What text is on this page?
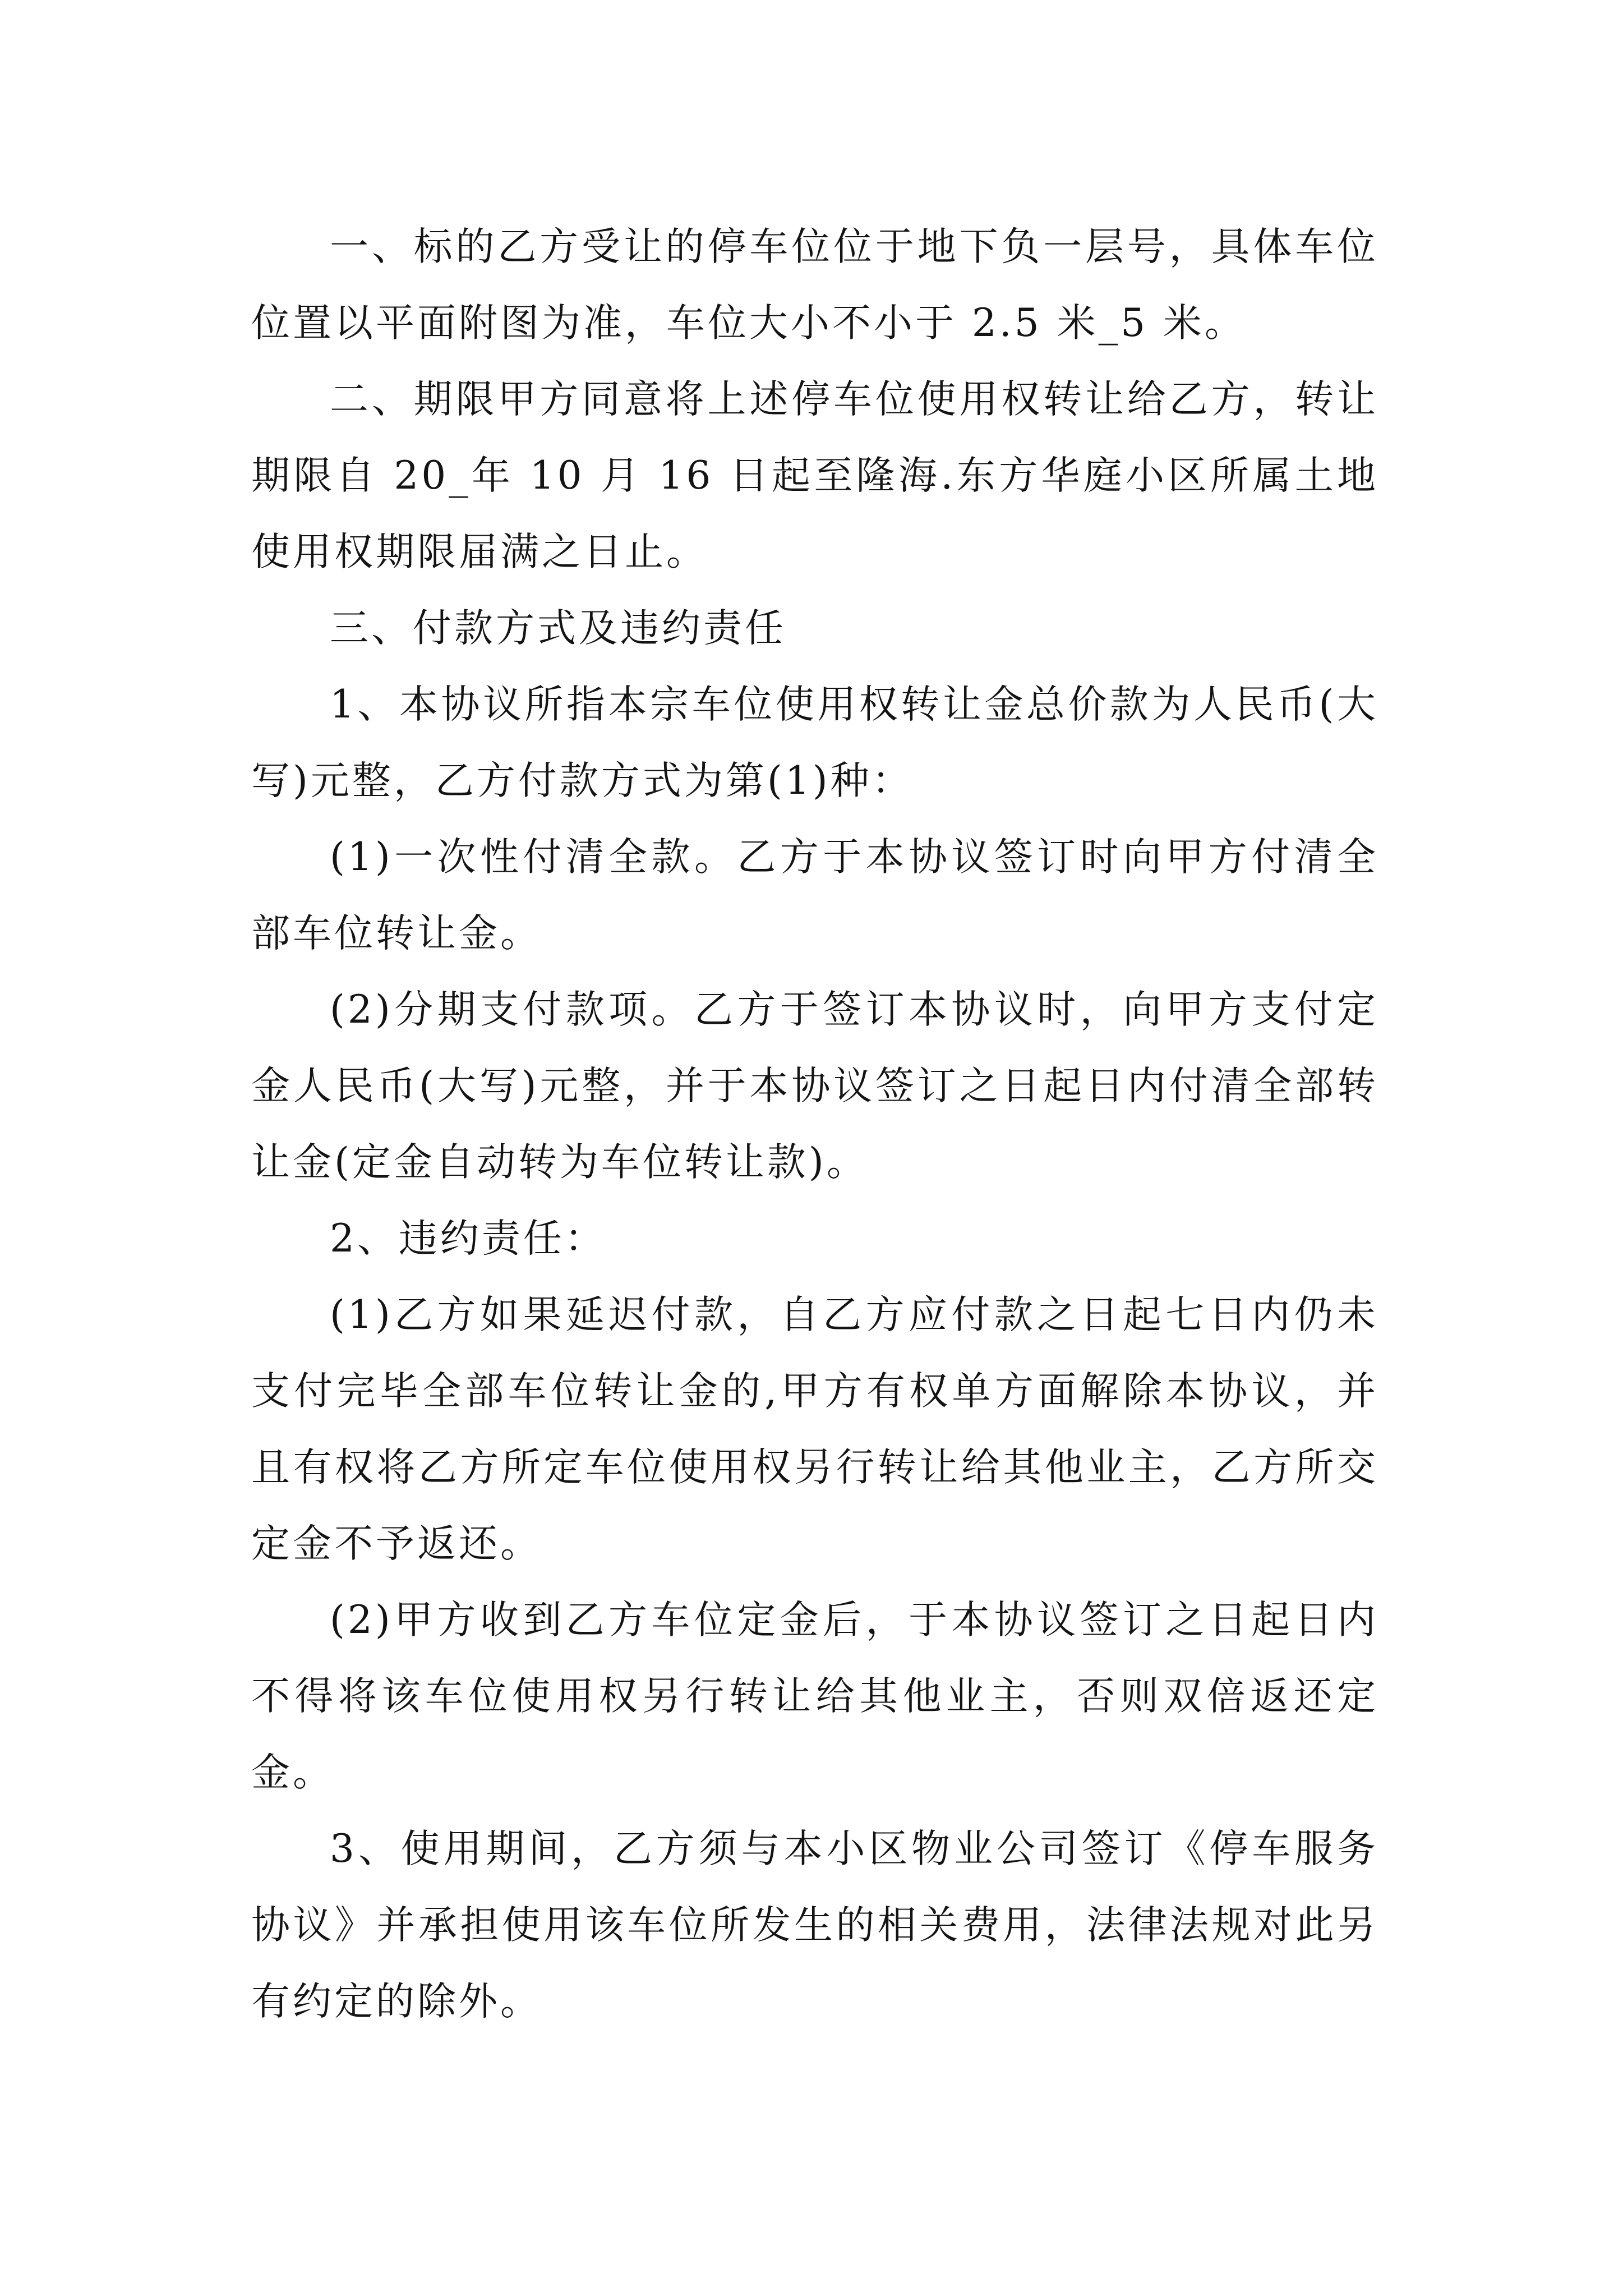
一、标的乙方受让的停车位位于地下负一层号，具体车位位置以平面附图为准，车位大小不小于 2.5 米_5 米。

二、期限甲方同意将上述停车位使用权转让给乙方，转让期限自 20_年 10 月 16 日起至隆海.东方华庭小区所属土地使用权期限届满之日止。

三、付款方式及违约责任

1、本协议所指本宗车位使用权转让金总价款为人民币(大写)元整，乙方付款方式为第(1)种：

(1)一次性付清全款。乙方于本协议签订时向甲方付清全部车位转让金。

(2)分期支付款项。乙方于签订本协议时，向甲方支付定金人民币(大写)元整，并于本协议签订之日起日内付清全部转让金(定金自动转为车位转让款)。

2、违约责任：

(1)乙方如果延迟付款，自乙方应付款之日起七日内仍未支付完毕全部车位转让金的,甲方有权单方面解除本协议，并且有权将乙方所定车位使用权另行转让给其他业主，乙方所交定金不予返还。

(2)甲方收到乙方车位定金后，于本协议签订之日起日内不得将该车位使用权另行转让给其他业主，否则双倍返还定金。

3、使用期间，乙方须与本小区物业公司签订《停车服务协议》并承担使用该车位所发生的相关费用，法律法规对此另有约定的除外。
